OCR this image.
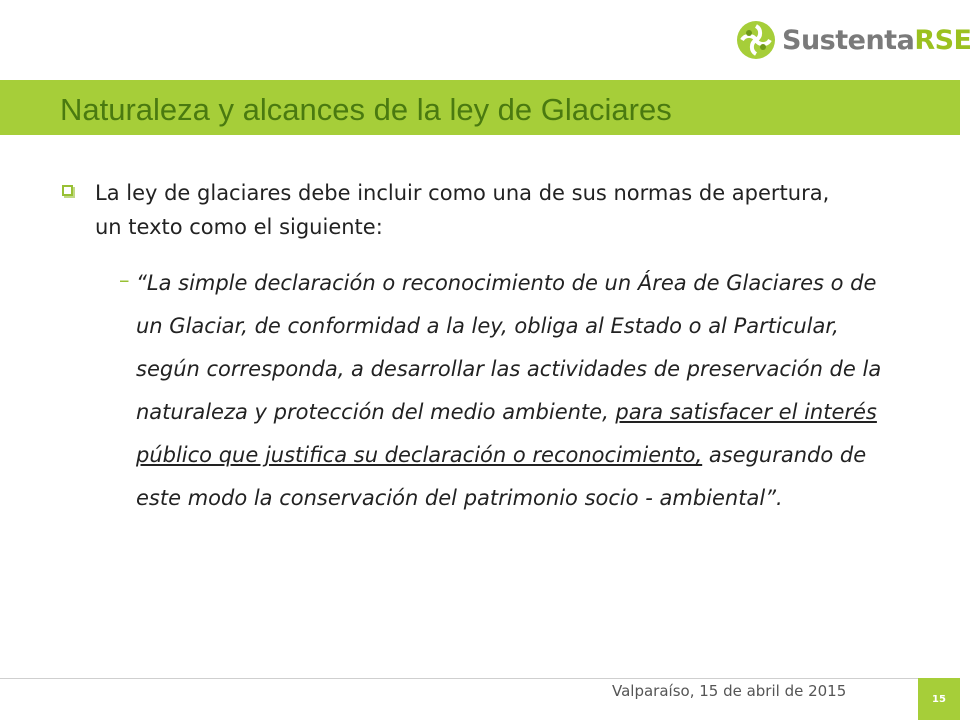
SustentaRSE
Naturaleza y alcances de la ley de Glaciares
La ley de glaciares debe incluir como una de sus normas de apertura, un texto como el siguiente:
– “La simple declaración o reconocimiento de un Área de Glaciares o de un Glaciar, de conformidad a la ley, obliga al Estado o al Particular, según corresponda, a desarrollar las actividades de preservación de la naturaleza y protección del medio ambiente, para satisfacer el interés público que justifica su declaración o reconocimiento, asegurando de este modo la conservación del patrimonio socio - ambiental”.
Valparaíso, 15 de abril de 2015	15
